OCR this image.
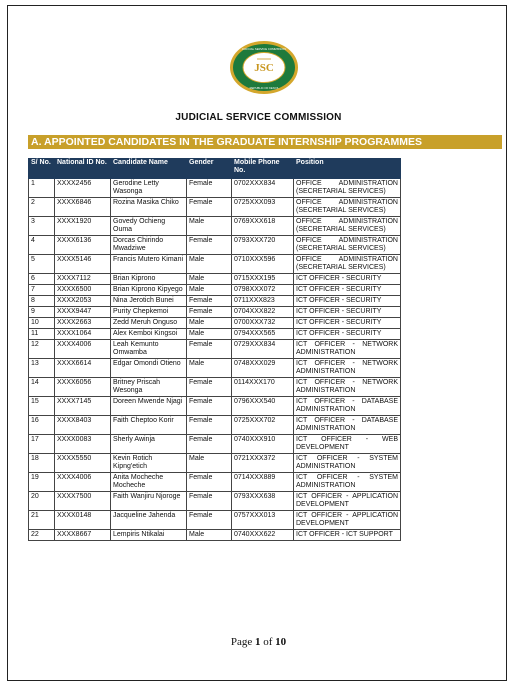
JSC
JUDICIAL SERVICE COMMISSION
REPUBLIC OF KENYA
JUDICIAL SERVICE COMMISSION
A. APPOINTED CANDIDATES IN THE GRADUATE INTERNSHIP PROGRAMMES
S/ No.	National ID No.	Candidate Name	Gender	Mobile Phone No.	Position
1	XXXX2456	Gerodine Letty Wasonga	Female	0702XXX834	OFFICE ADMINISTRATION (SECRETARIAL SERVICES)
2	XXXX6846	Rozina Masika Chiko	Female	0725XXX093	OFFICE ADMINISTRATION (SECRETARIAL SERVICES)
3	XXXX1920	Govedy Ochieng Ouma	Male	0769XXX618	OFFICE ADMINISTRATION (SECRETARIAL SERVICES)
4	XXXX6136	Dorcas Chirindo Mwadziwe	Female	0793XXX720	OFFICE ADMINISTRATION (SECRETARIAL SERVICES)
5	XXXX5146	Francis Mutero Kimani	Male	0710XXX596	OFFICE ADMINISTRATION (SECRETARIAL SERVICES)
6	XXXX7112	Brian Kiprono	Male	0715XXX195	ICT OFFICER - SECURITY
7	XXXX6500	Brian Kiprono Kipyego	Male	0798XXX072	ICT OFFICER - SECURITY
8	XXXX2053	Nina Jerotich Bunei	Female	0711XXX823	ICT OFFICER - SECURITY
9	XXXX9447	Purity Chepkemoi	Female	0704XXX822	ICT OFFICER - SECURITY
10	XXXX2663	Zedd Meruh Onguso	Male	0700XXX732	ICT OFFICER - SECURITY
11	XXXX1064	Alex Kemboi Kingsoi	Male	0794XXX565	ICT OFFICER - SECURITY
12	XXXX4006	Leah Kemunto Omwamba	Female	0729XXX834	ICT OFFICER - NETWORK ADMINISTRATION
13	XXXX6614	Edgar Omondi Otieno	Male	0748XXX029	ICT OFFICER - NETWORK ADMINISTRATION
14	XXXX6056	Britney Priscah Wesonga	Female	0114XXX170	ICT OFFICER - NETWORK ADMINISTRATION
15	XXXX7145	Doreen Mwende Njagi	Female	0796XXX540	ICT OFFICER - DATABASE ADMINISTRATION
16	XXXX8403	Faith Cheptoo Korir	Female	0725XXX702	ICT OFFICER - DATABASE ADMINISTRATION
17	XXXX0083	Sherly Awinja	Female	0740XXX910	ICT OFFICER - WEB DEVELOPMENT
18	XXXX5550	Kevin Rotich Kipng'etich	Male	0721XXX372	ICT OFFICER - SYSTEM ADMINISTRATION
19	XXXX4006	Anita Mocheche Mocheche	Female	0714XXX889	ICT OFFICER - SYSTEM ADMINISTRATION
20	XXXX7500	Faith Wanjiru Njoroge	Female	0793XXX638	ICT OFFICER - APPLICATION DEVELOPMENT
21	XXXX0148	Jacqueline Jahenda	Female	0757XXX013	ICT OFFICER - APPLICATION DEVELOPMENT
22	XXXX8667	Lempiris Ntikalai	Male	0740XXX622	ICT OFFICER - ICT SUPPORT
Page 1 of 10
